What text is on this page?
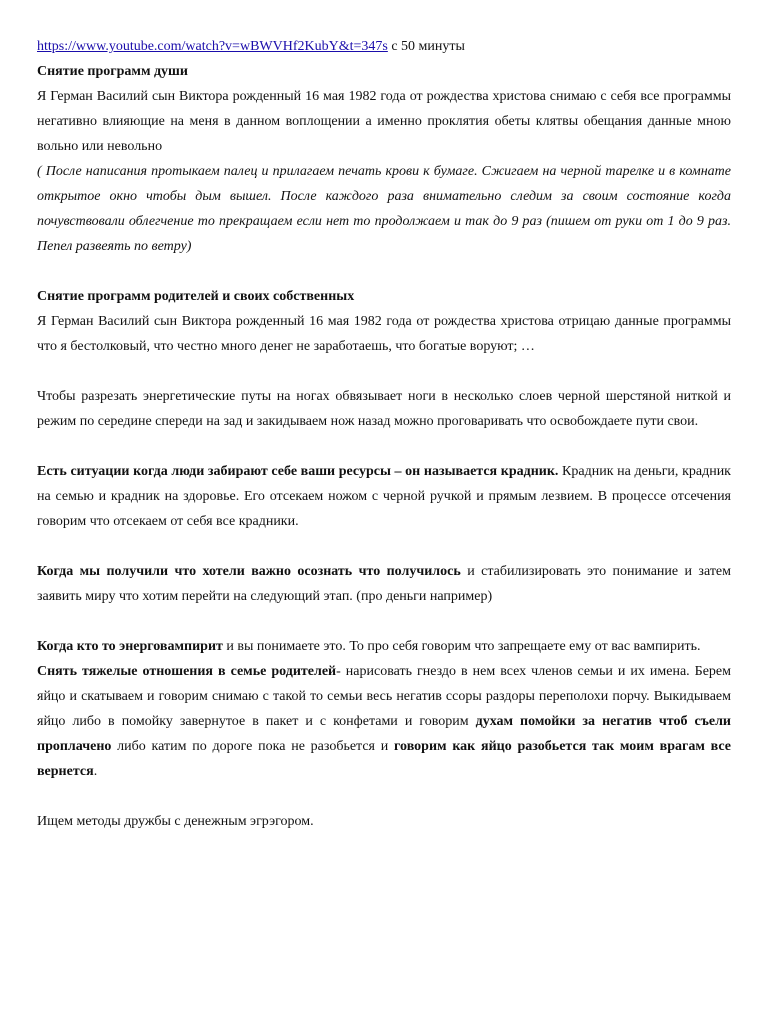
https://www.youtube.com/watch?v=wBWVHf2KubY&t=347s с 50 минуты

Снятие программ души

Я Герман Василий сын Виктора рожденный 16 мая 1982 года от рождества христова снимаю с себя все программы негативно влияющие на меня в данном воплощении а именно проклятия обеты клятвы обещания данные мною вольно или невольно

( После написания протыкаем палец и прилагаем печать крови к бумаге. Сжигаем на черной тарелке и в комнате открытое окно чтобы дым вышел. После каждого раза внимательно следим за своим состояние когда почувствовали облегчение то прекращаем если нет то продолжаем и так до 9 раз (пишем от руки от 1 до 9 раз. Пепел развеять по ветру)

Снятие программ родителей и своих собственных

Я Герман Василий сын Виктора рожденный 16 мая 1982 года от рождества христова отрицаю данные программы что я бестолковый, что честно много денег не заработаешь, что богатые воруют; …

Чтобы разрезать энергетические путы на ногах обвязывает ноги в несколько слоев черной шерстяной ниткой и режим по середине спереди на зад и закидываем нож назад можно проговаривать что освобождаете пути свои.

Есть ситуации когда люди забирают себе ваши ресурсы – он называется крадник. Крадник на деньги, крадник на семью и крадник на здоровье. Его отсекаем ножом с черной ручкой и прямым лезвием. В процессе отсечения говорим что отсекаем от себя все крадники.

Когда мы получили что хотели важно осознать что получилось и стабилизировать это понимание и затем заявить миру что хотим перейти на следующий этап. (про деньги например)

Когда кто то энерговампирит и вы понимаете это. То про себя говорим что запрещаете ему от вас вампирить.

Снять тяжелые отношения в семье родителей- нарисовать гнездо в нем всех членов семьи и их имена. Берем яйцо и скатываем и говорим снимаю с такой то семьи весь негатив ссоры раздоры переполохи порчу. Выкидываем яйцо либо в помойку завернутое в пакет и с конфетами и говорим духам помойки за негатив чтоб съели проплачено либо катим по дороге пока не разобьется и говорим как яйцо разобьется так моим врагам все вернется.

Ищем методы дружбы с денежным эгрэгором.
